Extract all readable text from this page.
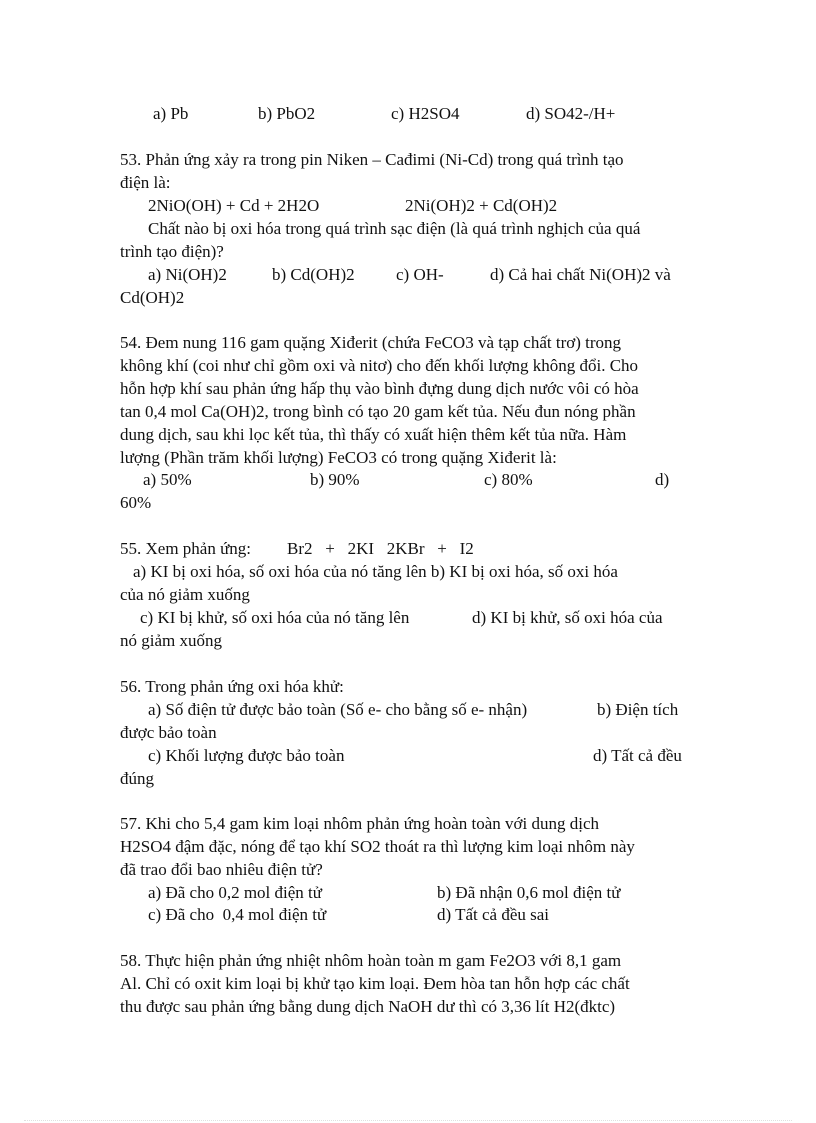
a) Pb	b) PbO2	c) H2SO4	d) SO42-/H+
53. Phản ứng xảy ra trong pin Niken – Cađimi (Ni-Cd) trong quá trình tạo
điện là:
2NiO(OH) + Cd + 2H2O	2Ni(OH)2 + Cd(OH)2
Chất nào bị oxi hóa trong quá trình sạc điện (là quá trình nghịch của quá
trình tạo điện)?
a) Ni(OH)2	b) Cd(OH)2 c) OH-	d) Cả hai chất Ni(OH)2 và
Cd(OH)2
54. Đem nung 116 gam quặng Xiđerit (chứa FeCO3 và tạp chất trơ) trong
không khí (coi như chỉ gồm oxi và nitơ) cho đến khối lượng không đổi. Cho
hỗn hợp khí sau phản ứng hấp thụ vào bình đựng dung dịch nước vôi có hòa
tan 0,4 mol Ca(OH)2, trong bình có tạo 20 gam kết tủa. Nếu đun nóng phần
dung dịch, sau khi lọc kết tủa, thì thấy có xuất hiện thêm kết tủa nữa. Hàm
lượng (Phần trăm khối lượng) FeCO3 có trong quặng Xiđerit là:
a) 50%	b) 90%	c) 80%	d)
60%
55. Xem phản ứng: Br2   +   2KI   2KBr   +   I2
a) KI bị oxi hóa, số oxi hóa của nó tăng lên b) KI bị oxi hóa, số oxi hóa
của nó giảm xuống
c) KI bị khử, số oxi hóa của nó tăng lên	d) KI bị khử, số oxi hóa của
nó giảm xuống
56. Trong phản ứng oxi hóa khử:
a) Số điện tử được bảo toàn (Số e- cho bằng số e- nhận)	b) Điện tích
được bảo toàn
c) Khối lượng được bảo toàn	d) Tất cả đều
đúng
57. Khi cho 5,4 gam kim loại nhôm phản ứng hoàn toàn với dung dịch
H2SO4 đậm đặc, nóng để tạo khí SO2 thoát ra thì lượng kim loại nhôm này
đã trao đổi bao nhiêu điện tử?
a) Đã cho 0,2 mol điện tử	b) Đã nhận 0,6 mol điện tử
c) Đã cho  0,4 mol điện tử	d) Tất cả đều sai
58. Thực hiện phản ứng nhiệt nhôm hoàn toàn m gam Fe2O3 với 8,1 gam
Al. Chỉ có oxit kim loại bị khử tạo kim loại. Đem hòa tan hỗn hợp các chất
thu được sau phản ứng bằng dung dịch NaOH dư thì có 3,36 lít H2(đktc)
